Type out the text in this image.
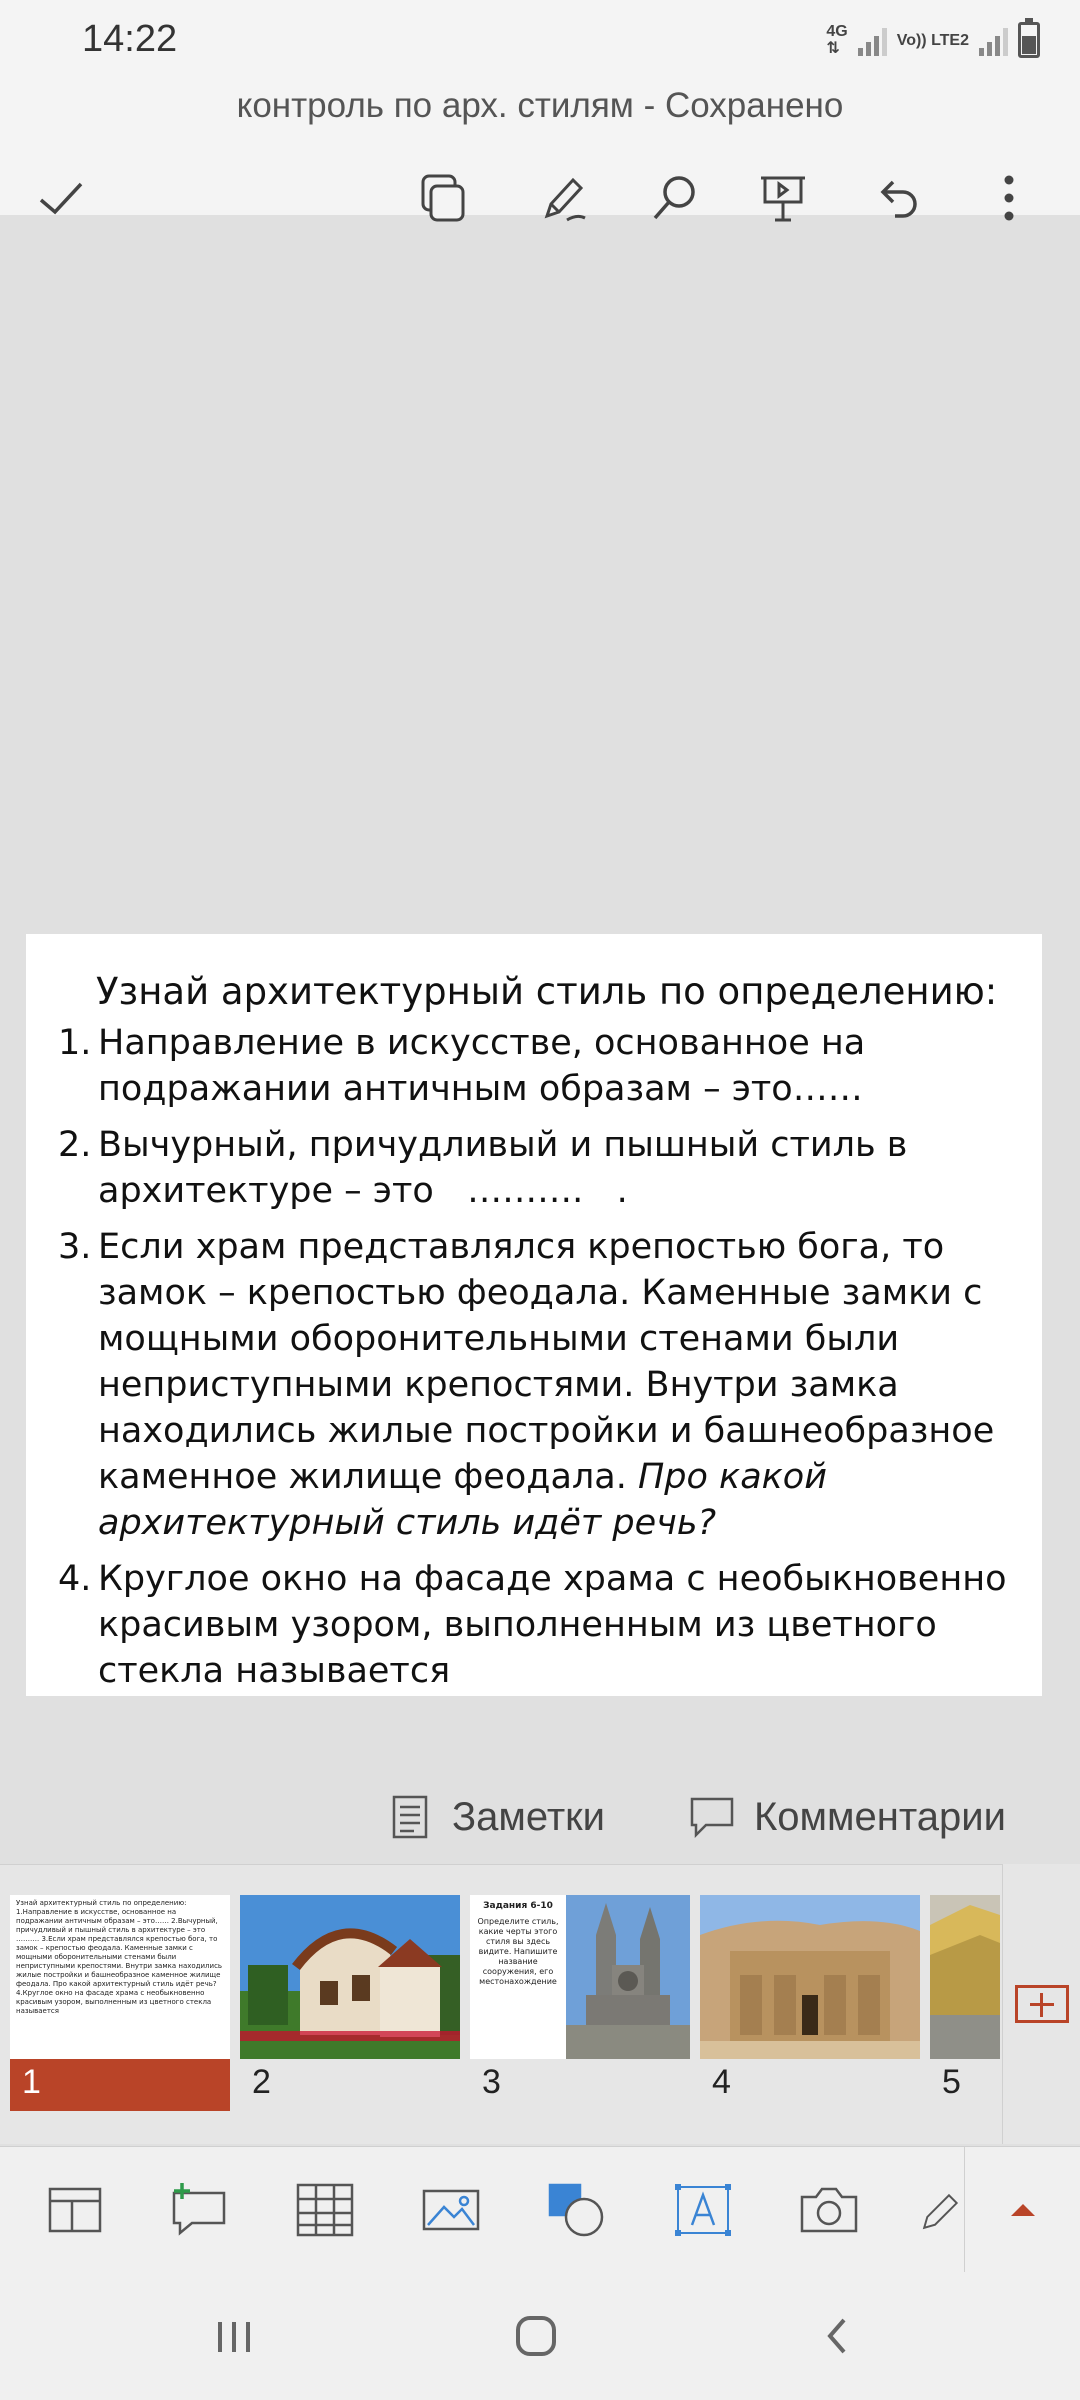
14:22	4G
⇅	Vo)) LTE2
контроль по арх. стилям - Сохранено
Узнай архитектурный стиль по определению:
1. Направление в искусстве, основанное на подражании античным образам – это……
2. Вычурный, причудливый и пышный стиль в архитектуре – это   ……….   .
3. Если храм представлялся крепостью бога, то замок – крепостью феодала. Каменные замки с мощными оборонительными стенами были неприступными крепостями. Внутри замка находились жилые постройки и башнеобразное каменное жилище феодала. Про какой архитектурный стиль идёт речь?
4. Круглое окно на фасаде храма с необыкновенно красивым узором, выполненным из цветного стекла называется
Заметки	Комментарии
Узнай архитектурный стиль по определению: 1.Направление в искусстве, основанное на подражании античным образам – это…… 2.Вычурный, причудливый и пышный стиль в архитектуре – это ………. 3.Если храм представлялся крепостью бога, то замок – крепостью феодала. Каменные замки с мощными оборонительными стенами были неприступными крепостями. Внутри замка находились жилые постройки и башнеобразное каменное жилище феодала. Про какой архитектурный стиль идёт речь? 4.Круглое окно на фасаде храма с необыкновенно красивым узором, выполненным из цветного стекла называется
1	2
Задания 6-10
Определите стиль, какие черты этого стиля вы здесь видите. Напишите название сооружения, его местонахождение
3	4	5
